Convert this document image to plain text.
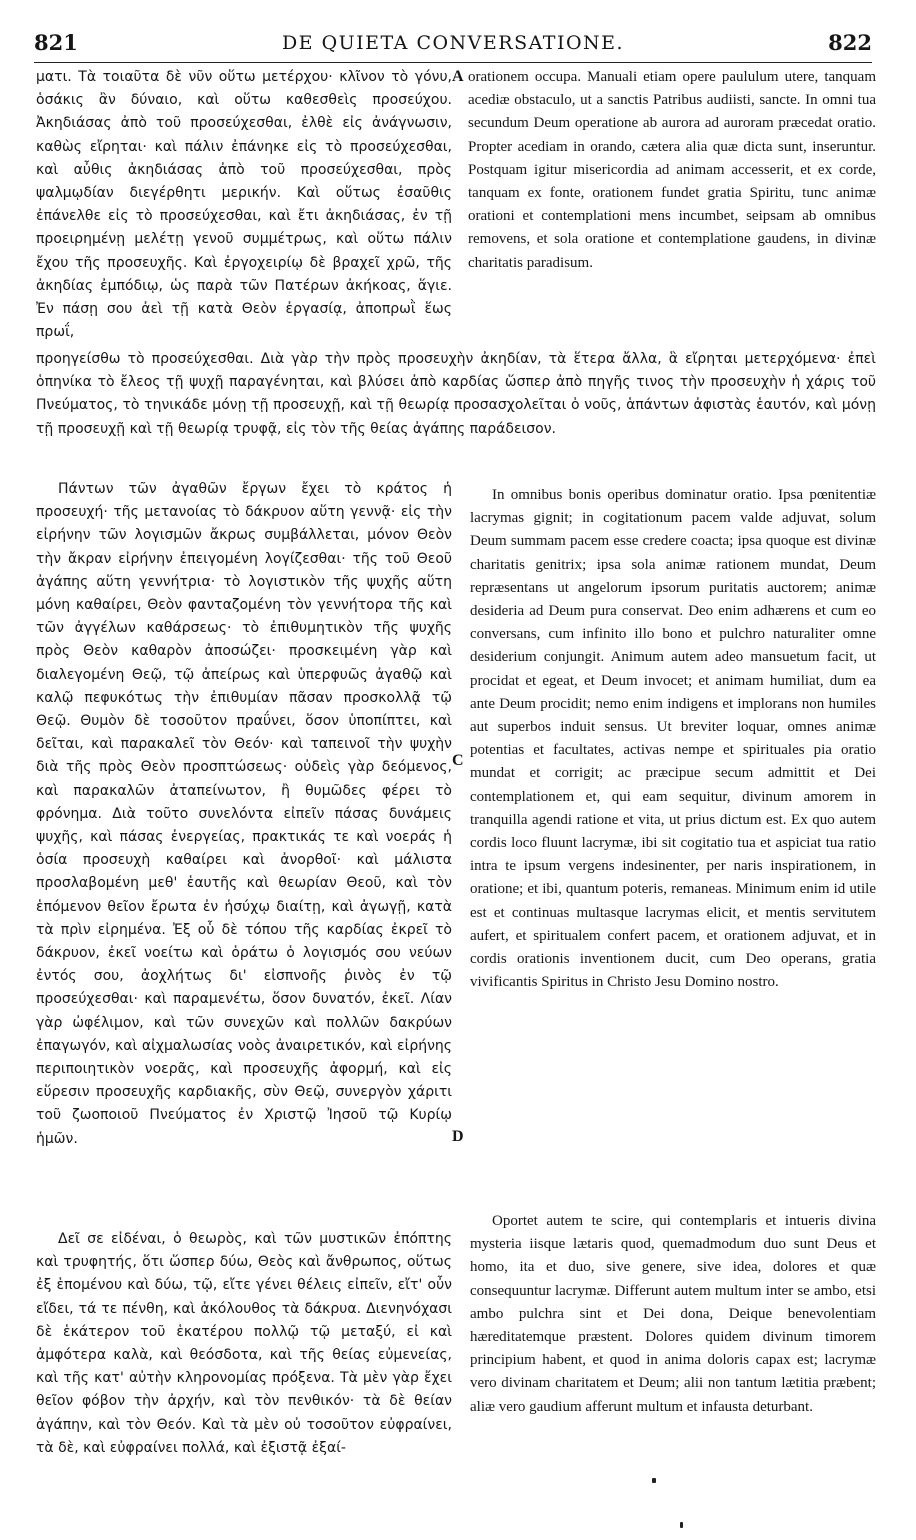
821	DE QUIETA CONVERSATIONE.	822

ματι. Τὰ τοιαῦτα δὲ νῦν οὕτω μετέρχου· κλῖνον τὸ γόνυ, ὁσάκις ἂν δύναιο, καὶ οὕτω καθεσθεὶς προσεύχου. Ἀκηδιάσας ἀπὸ τοῦ προσεύχεσθαι, ἐλθὲ εἰς ἀνάγνωσιν, καθὼς εἴρηται· καὶ πάλιν ἐπάνηκε εἰς τὸ προσεύχεσθαι, καὶ αὖθις ἀκηδιάσας ἀπὸ τοῦ προσεύχεσθαι, πρὸς ψαλμῳδίαν διεγέρθητι μερικήν. Καὶ οὕτως ἐσαῦθις ἐπάνελθε εἰς τὸ προσεύχεσθαι, καὶ ἔτι ἀκηδιάσας, ἐν τῇ προειρημένῃ μελέτῃ γενοῦ συμμέτρως, καὶ οὕτω πάλιν ἔχου τῆς προσευχῆς. Καὶ ἐργοχειρίῳ δὲ βραχεῖ χρῶ, τῆς ἀκηδίας ἐμπόδιῳ, ὡς παρὰ τῶν Πατέρων ἀκήκοας, ἅγιε. Ἐν πάσῃ σου ἀεὶ τῇ κατὰ Θεὸν ἐργασίᾳ, ἀποπρωῒ ἕως πρωΐ,

A orationem occupa. Manuali etiam opere paululum utere, tanquam acediæ obstaculo, ut a sanctis Patribus audiisti, sancte. In omni tua secundum Deum operatione ab aurora ad auroram præcedat oratio. Propter acediam in orando, cætera alia quæ dicta sunt, inseruntur. Postquam igitur misericordia ad animam accesserit, et ex corde, tanquam ex fonte, orationem fundet gratia Spiritu, tunc animæ orationi et contemplationi mens incumbet, seipsam ab omnibus removens, et sola oratione et contemplatione gaudens, in divinæ charitatis paradisum.

προηγείσθω τὸ προσεύχεσθαι. Διὰ γὰρ τὴν πρὸς προσευχὴν ἀκηδίαν, τὰ ἕτερα ἄλλα, ἃ εἴρηται μετερχόμενα· ἐπεὶ ὁπηνίκα τὸ ἔλεος τῇ ψυχῇ παραγένηται, καὶ βλύσει ἀπὸ καρδίας ὥσπερ ἀπὸ πηγῆς τινος τὴν προσευχὴν ἡ χάρις τοῦ Πνεύματος, τὸ τηνικάδε μόνῃ τῇ προσευχῇ, καὶ τῇ θεωρίᾳ προσασχολεῖται ὁ νοῦς, ἁπάντων ἀφιστὰς ἑαυτόν, καὶ μόνῃ τῇ προσευχῇ καὶ τῇ θεωρίᾳ τρυφᾷ, εἰς τὸν τῆς θείας ἀγάπης παράδεισον.

Πάντων τῶν ἀγαθῶν ἔργων ἔχει τὸ κράτος ἡ προσευχή· τῆς μετανοίας τὸ δάκρυον αὕτη γεννᾷ· εἰς τὴν εἰρήνην τῶν λογισμῶν ἄκρως συμβάλλεται, μόνον Θεὸν τὴν ἄκραν εἰρήνην ἐπειγομένη λογίζεσθαι· τῆς τοῦ Θεοῦ ἀγάπης αὕτη γεννήτρια· τὸ λογιστικὸν τῆς ψυχῆς αὕτη μόνη καθαίρει, Θεὸν φανταζομένη τὸν γεννήτορα τῆς καὶ τῶν ἀγγέλων καθάρσεως· τὸ ἐπιθυμητικὸν τῆς ψυχῆς πρὸς Θεὸν καθαρὸν ἀποσώζει· προσκειμένη γὰρ καὶ διαλεγομένη Θεῷ, τῷ ἀπείρως καὶ ὑπερφυῶς ἀγαθῷ καὶ καλῷ πεφυκότως τὴν ἐπιθυμίαν πᾶσαν προσκολλᾷ τῷ Θεῷ. Θυμὸν δὲ τοσοῦτον πραΰνει, ὅσον ὑποπίπτει, καὶ δεῖται, καὶ παρακαλεῖ τὸν Θεόν· καὶ ταπεινοῖ τὴν ψυχὴν διὰ τῆς πρὸς Θεὸν προσπτώσεως· οὐδεὶς γὰρ δεόμενος, καὶ παρακαλῶν ἀταπείνωτον, ἢ θυμῶδες φέρει τὸ φρόνημα. Διὰ τοῦτο συνελόντα εἰπεῖν πάσας δυνάμεις ψυχῆς, καὶ πάσας ἐνεργείας, πρακτικάς τε καὶ νοεράς ἡ ὁσία προσευχὴ καθαίρει καὶ ἀνορθοῖ· καὶ μάλιστα προσλαβομένη μεθ' ἑαυτῆς καὶ θεωρίαν Θεοῦ, καὶ τὸν ἑπόμενον θεῖον ἔρωτα ἐν ἡσύχῳ διαίτῃ, καὶ ἀγωγῇ, κατὰ τὰ πρὶν εἰρημένα. Ἐξ οὗ δὲ τόπου τῆς καρδίας ἐκρεῖ τὸ δάκρυον, ἐκεῖ νοείτω καὶ ὁράτω ὁ λογισμός σου νεύων ἐντός σου, ἀοχλήτως δι' εἰσπνοῆς ῥινὸς ἐν τῷ προσεύχεσθαι· καὶ παραμενέτω, ὅσον δυνατόν, ἐκεῖ. Λίαν γὰρ ὠφέλιμον, καὶ τῶν συνεχῶν καὶ πολλῶν δακρύων ἐπαγωγόν, καὶ αἰχμαλωσίας νοὸς ἀναιρετικόν, καὶ εἰρήνης περιποιητικὸν νοερᾶς, καὶ προσευχῆς ἀφορμή, καὶ εἰς εὕρεσιν προσευχῆς καρδιακῆς, σὺν Θεῷ, συνεργὸν χάριτι τοῦ ζωοποιοῦ Πνεύματος ἐν Χριστῷ Ἰησοῦ τῷ Κυρίῳ ἡμῶν.

C
D

In omnibus bonis operibus dominatur oratio. Ipsa pœnitentiæ lacrymas gignit; in cogitationum pacem valde adjuvat, solum Deum summam pacem esse credere coacta; ipsa quoque est divinæ charitatis genitrix; ipsa sola animæ rationem mundat, Deum repræsentans ut angelorum ipsorum puritatis auctorem; animæ desideria ad Deum pura conservat. Deo enim adhærens et cum eo conversans, cum infinito illo bono et pulchro naturaliter omne desiderium conjungit. Animum autem adeo mansuetum facit, ut procidat et egeat, et Deum invocet; et animam humiliat, dum ea ante Deum procidit; nemo enim indigens et implorans non humiles aut superbos induit sensus. Ut breviter loquar, omnes animæ potentias et facultates, activas nempe et spirituales pia oratio mundat et corrigit; ac præcipue secum admittit et Dei contemplationem et, qui eam sequitur, divinum amorem in tranquilla agendi ratione et vita, ut prius dictum est. Ex quo autem cordis loco fluunt lacrymæ, ibi sit cogitatio tua et aspiciat tua ratio intra te ipsum vergens indesinenter, per naris inspirationem, in oratione; et ibi, quantum poteris, remaneas. Minimum enim id utile est et continuas multasque lacrymas elicit, et mentis servitutem aufert, et spiritualem confert pacem, et orationem adjuvat, et in cordis orationis inventionem ducit, cum Deo operans, gratia vivificantis Spiritus in Christo Jesu Domino nostro.

Δεῖ σε εἰδέναι, ὁ θεωρὸς, καὶ τῶν μυστικῶν ἐπόπτης καὶ τρυφητής, ὅτι ὥσπερ δύω, Θεὸς καὶ ἄνθρωπος, οὕτως ἐξ ἑπομένου καὶ δύω, τῷ, εἴτε γένει θέλεις εἰπεῖν, εἴτ' οὖν εἴδει, τά τε πένθη, καὶ ἀκόλουθος τὰ δάκρυα. Διενηνόχασι δὲ ἑκάτερον τοῦ ἑκατέρου πολλῷ τῷ μεταξύ, εἰ καὶ ἀμφότερα καλὰ, καὶ θεόσδοτα, καὶ τῆς θείας εὐμενείας, καὶ τῆς κατ' αὐτὴν κληρονομίας πρόξενα. Τὰ μὲν γὰρ ἔχει θεῖον φόβον τὴν ἀρχήν, καὶ τὸν πενθικόν· τὰ δὲ θείαν ἀγάπην, καὶ τὸν Θεόν. Καὶ τὰ μὲν οὐ τοσοῦτον εὐφραίνει, τὰ δὲ, καὶ εὐφραίνει πολλά, καὶ ἐξιστᾷ ἐξαί-

Oportet autem te scire, qui contemplaris et intueris divina mysteria iisque lætaris quod, quemadmodum duo sunt Deus et homo, ita et duo, sive genere, sive idea, dolores et quæ consequuntur lacrymæ. Differunt autem multum inter se ambo, etsi ambo pulchra sint et Dei dona, Deique benevolentiam hæreditatemque præstent. Dolores quidem divinum timorem principium habent, et quod in anima doloris capax est; lacrymæ vero divinam charitatem et Deum; alii non tantum lætitia præbent; aliæ vero gaudium afferunt multum et infausta deturbant.
